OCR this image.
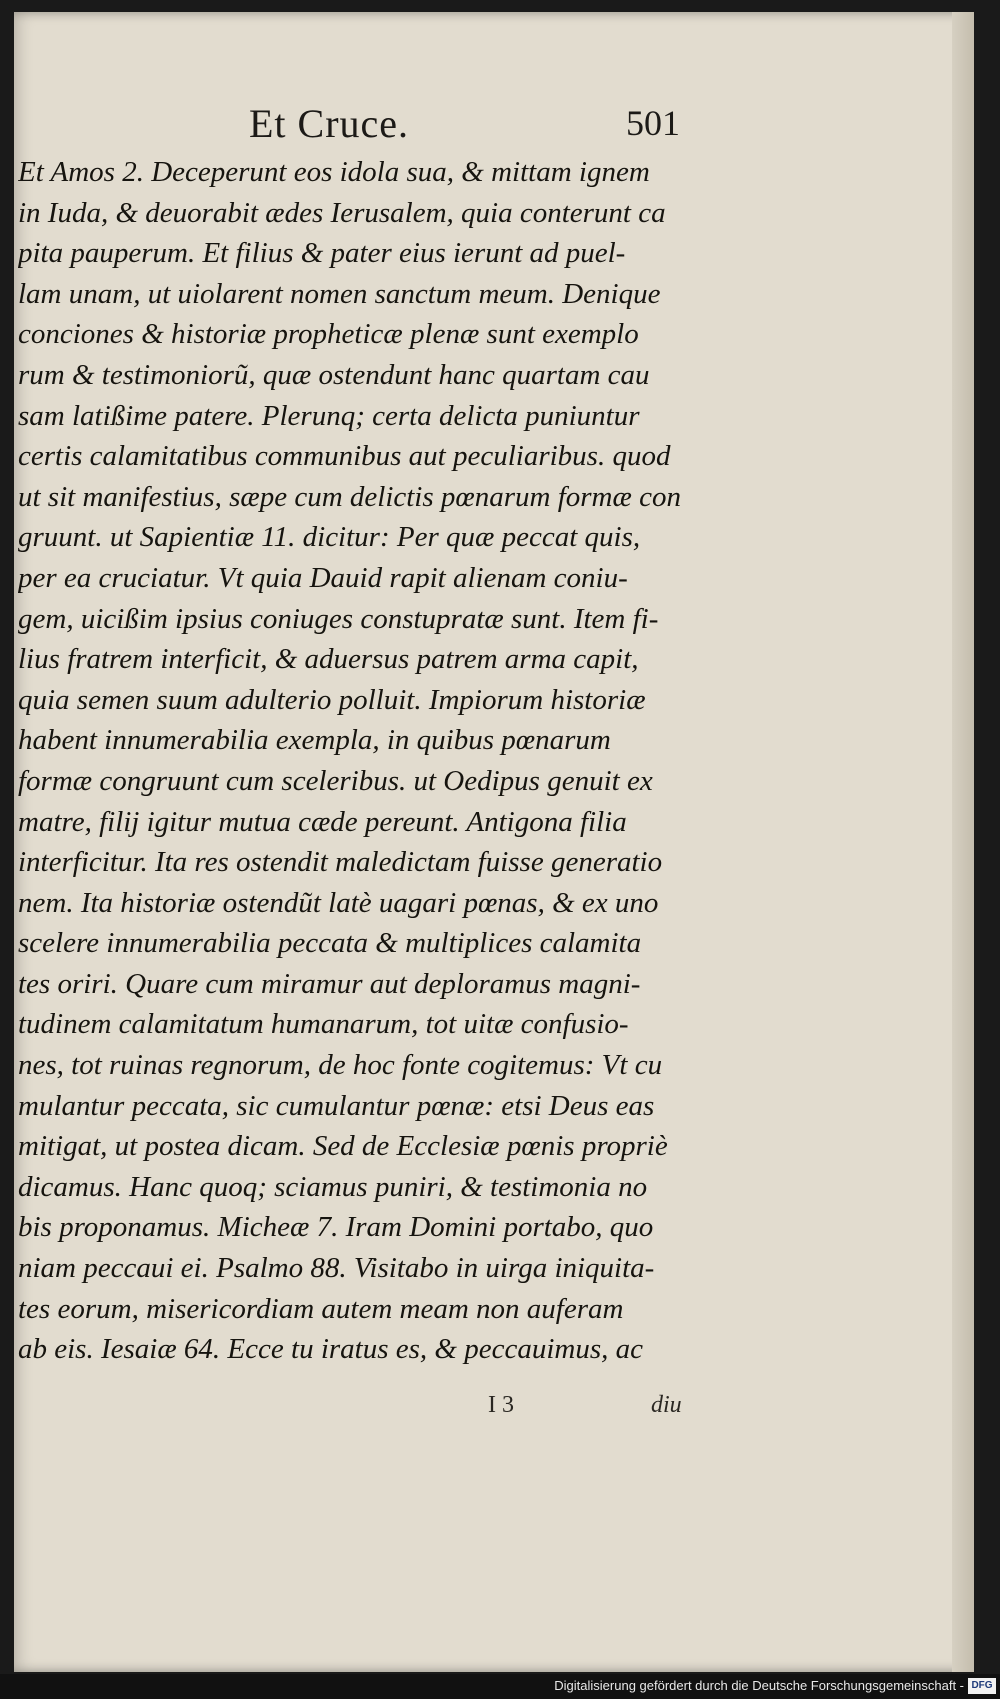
Et Cruce.	501
Et Amos 2. Deceperunt eos idola sua, & mittam ignem
in Iuda, & deuorabit ædes Ierusalem, quia conterunt ca
pita pauperum. Et filius & pater eius ierunt ad puel-
lam unam, ut uiolarent nomen sanctum meum. Denique
conciones & historiæ propheticæ plenæ sunt exemplo
rum & testimoniorũ, quæ ostendunt hanc quartam cau
sam latißime patere. Plerunq; certa delicta puniuntur
certis calamitatibus communibus aut peculiaribus. quod
ut sit manifestius, sæpe cum delictis pœnarum formæ con
gruunt. ut Sapientiæ 11. dicitur: Per quæ peccat quis,
per ea cruciatur. Vt quia Dauid rapit alienam coniu-
gem, uicißim ipsius coniuges constupratæ sunt. Item fi-
lius fratrem interficit, & aduersus patrem arma capit,
quia semen suum adulterio polluit. Impiorum historiæ
habent innumerabilia exempla, in quibus pœnarum
formæ congruunt cum sceleribus. ut Oedipus genuit ex
matre, filij igitur mutua cæde pereunt. Antigona filia
interficitur. Ita res ostendit maledictam fuisse generatio
nem. Ita historiæ ostendũt latè uagari pœnas, & ex uno
scelere innumerabilia peccata & multiplices calamita
tes oriri. Quare cum miramur aut deploramus magni-
tudinem calamitatum humanarum, tot uitæ confusio-
nes, tot ruinas regnorum, de hoc fonte cogitemus: Vt cu
mulantur peccata, sic cumulantur pœnæ: etsi Deus eas
mitigat, ut postea dicam. Sed de Ecclesiæ pœnis propriè
dicamus. Hanc quoq; sciamus puniri, & testimonia no
bis proponamus. Micheæ 7. Iram Domini portabo, quo
niam peccaui ei. Psalmo 88. Visitabo in uirga iniquita-
tes eorum, misericordiam autem meam non auferam
ab eis. Iesaiæ 64. Ecce tu iratus es, & peccauimus, ac
I 3	diu
Digitalisierung gefördert durch die Deutsche Forschungsgemeinschaft - DFG
